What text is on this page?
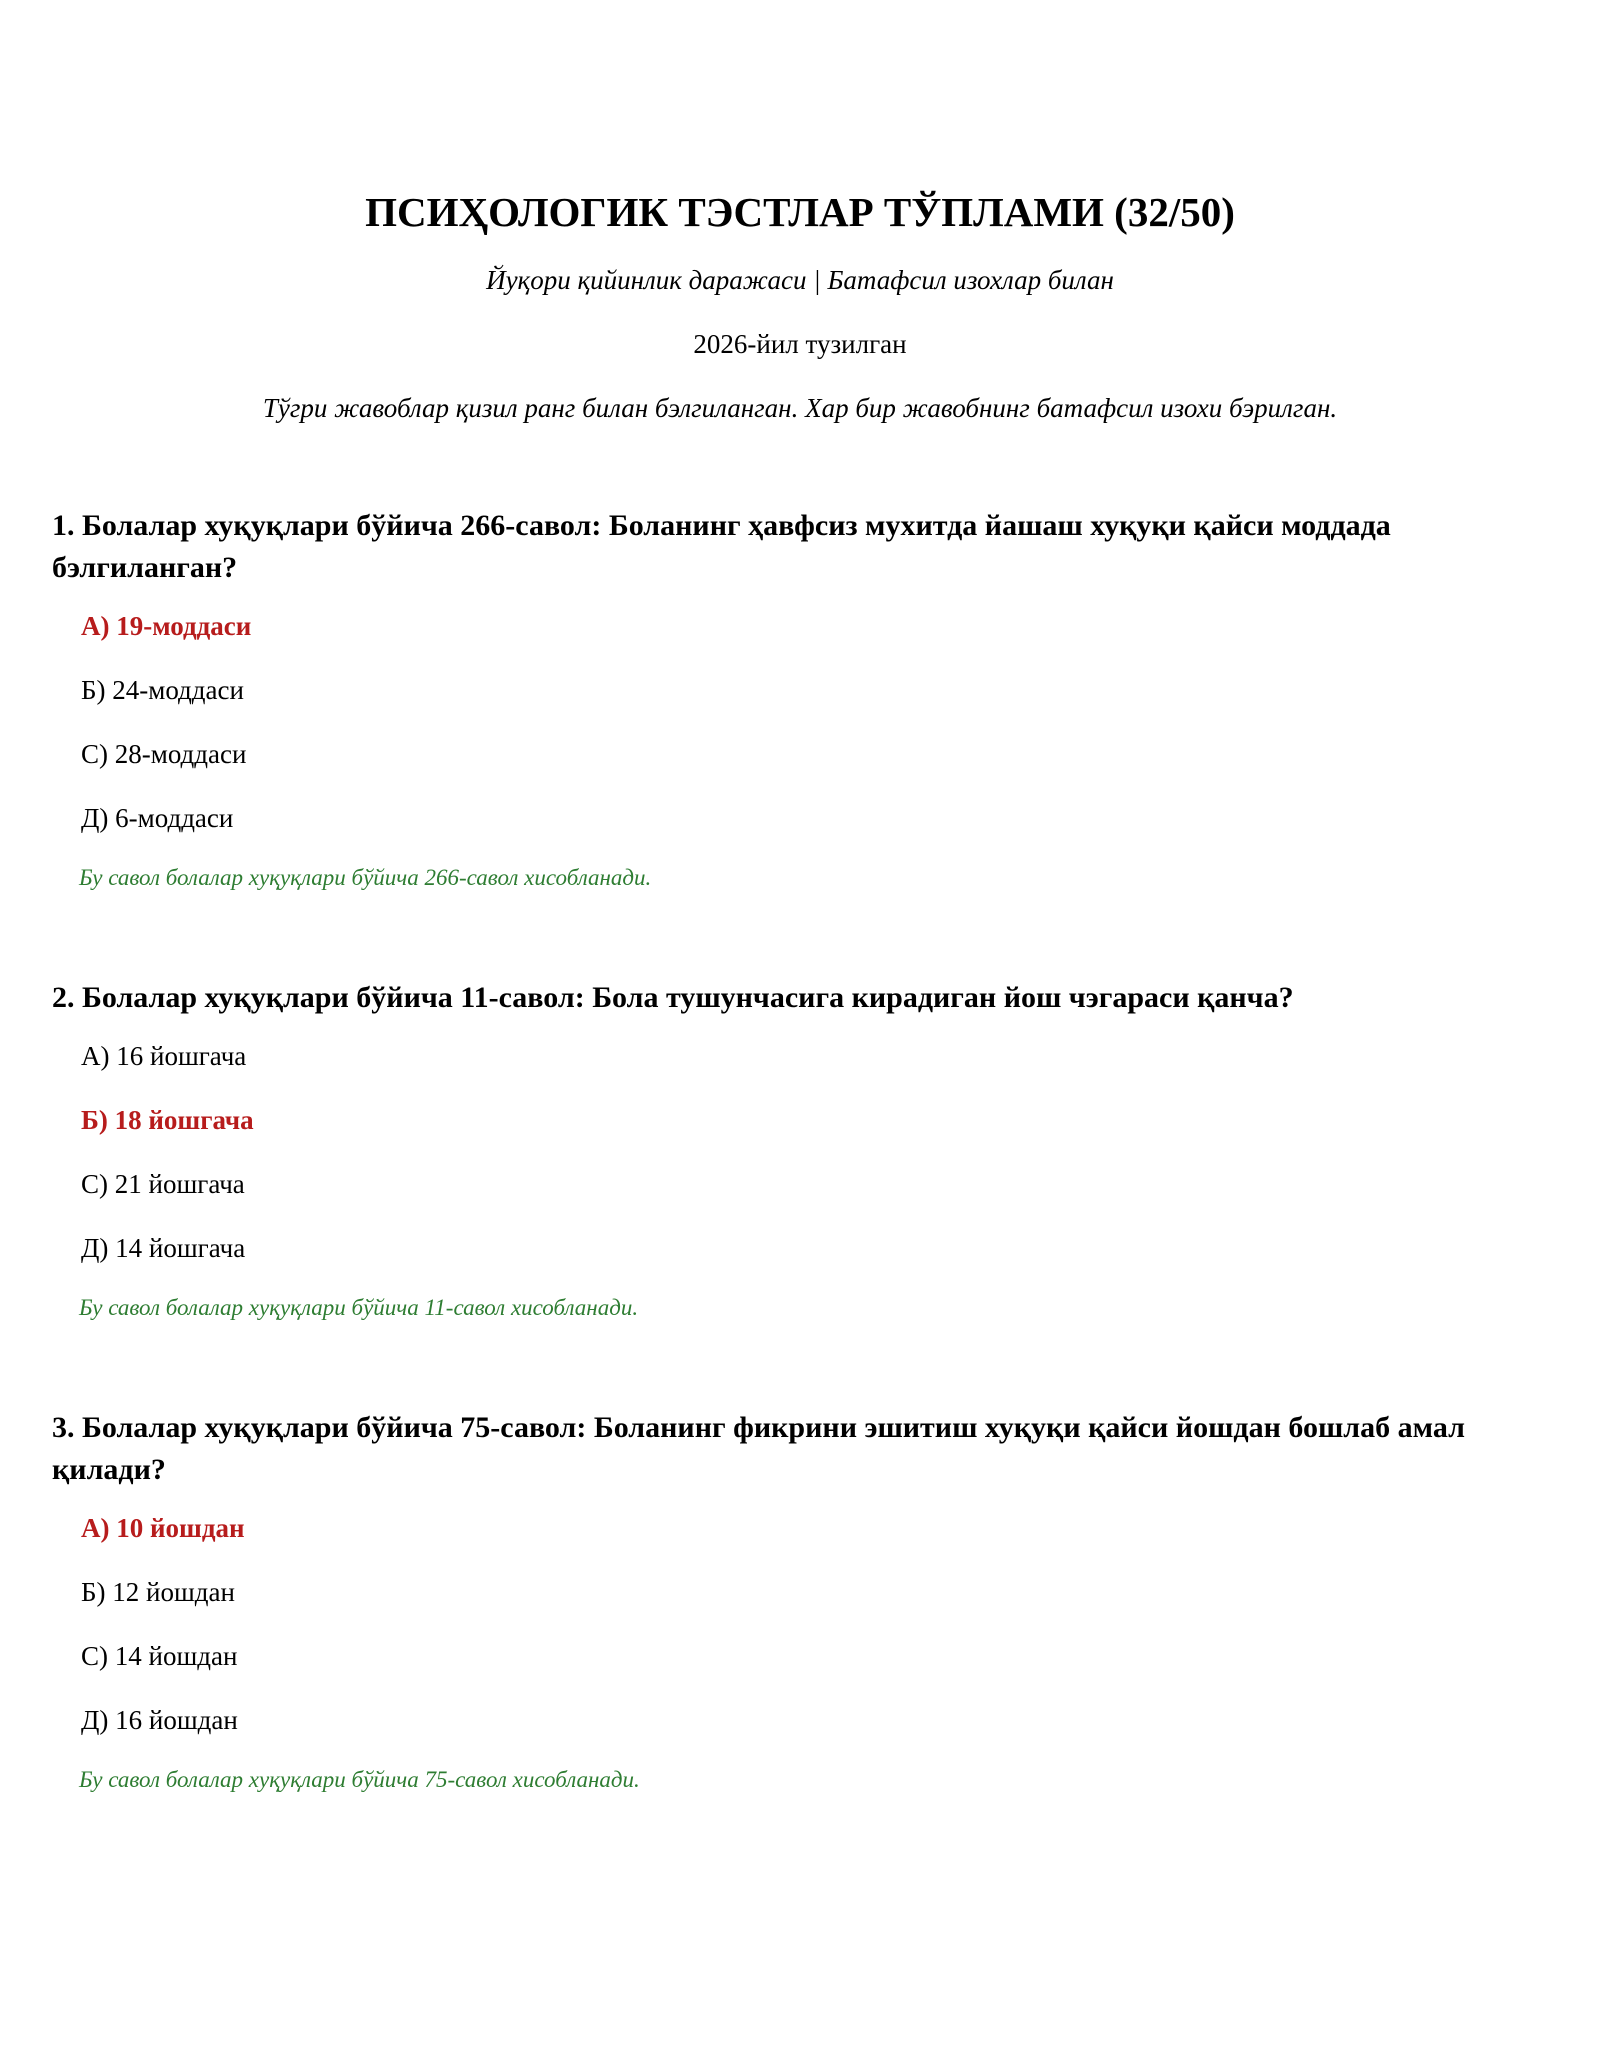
ПСИҲОЛОГИК ТЭСТЛАР ТЎПЛАМИ (32/50)

Йуқори қийинлик даражаси | Батафсил изохлар билан

2026-йил тузилган

Тўгри жавоблар қизил ранг билан бэлгиланган. Хар бир жавобнинг батафсил изохи бэрилган.

1. Болалар хуқуқлари бўйича 266-савол: Боланинг ҳавфсиз мухитда йашаш хуқуқи қайси моддада бэлгиланган?

А) 19-моддаси
Б) 24-моддаси
С) 28-моддаси
Д) 6-моддаси

Бу савол болалар хуқуқлари бўйича 266-савол хисобланади.

2. Болалар хуқуқлари бўйича 11-савол: Бола тушунчасига кирадиган йош чэгараси қанча?

А) 16 йошгача
Б) 18 йошгача
С) 21 йошгача
Д) 14 йошгача

Бу савол болалар хуқуқлари бўйича 11-савол хисобланади.

3. Болалар хуқуқлари бўйича 75-савол: Боланинг фикрини эшитиш хуқуқи қайси йошдан бошлаб амал қилади?

А) 10 йошдан
Б) 12 йошдан
С) 14 йошдан
Д) 16 йошдан

Бу савол болалар хуқуқлари бўйича 75-савол хисобланади.
